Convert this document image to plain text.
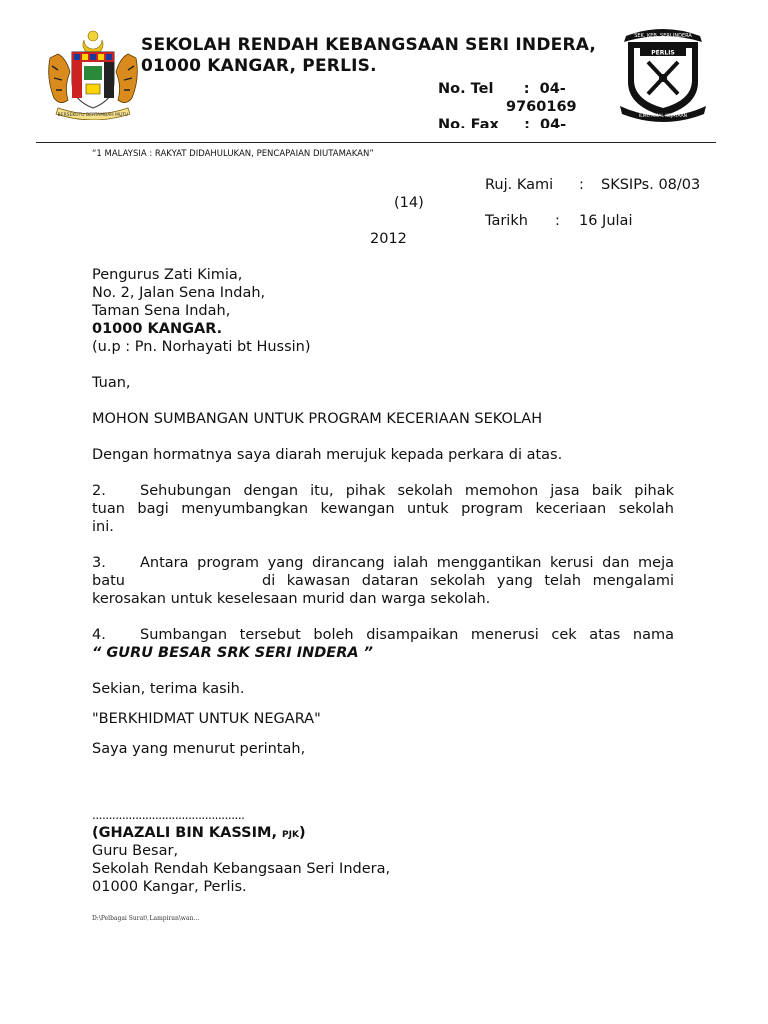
BERSEKUTU BERTAMBAH MUTU
SEK. KEB. SERI INDERA
PERLIS
ILMU AMAL KEJAYAAN
SEKOLAH RENDAH KEBANGSAAN SERI INDERA,
01000 KANGAR, PERLIS.
No. Tel      :  04-
9760169
No. Fax     :  04-
“1 MALAYSIA : RAKYAT DIDAHULUKAN, PENCAPAIAN DIUTAMAKAN”
Ruj. Kami : SKSIPs. 08/03
(14)
Tarikh : 16 Julai
2012
Pengurus Zati Kimia,
No. 2, Jalan Sena Indah,
Taman Sena Indah,
01000 KANGAR.
(u.p : Pn. Norhayati bt Hussin)
Tuan,
MOHON SUMBANGAN UNTUK PROGRAM KECERIAAN SEKOLAH
Dengan hormatnya saya diarah merujuk kepada perkara di atas.
2. Sehubungan dengan itu, pihak sekolah memohon jasa baik pihak
tuan bagi menyumbangkan kewangan untuk program keceriaan sekolah
ini.
3. Antara program yang dirancang ialah menggantikan kerusi dan meja
batu	di kawasan dataran sekolah yang telah mengalami
kerosakan untuk keselesaan murid dan warga sekolah.
4. Sumbangan tersebut boleh disampaikan menerusi cek atas nama
“ GURU BESAR SRK SERI INDERA ”
Sekian, terima kasih.
"BERKHIDMAT UNTUK NEGARA"
Saya yang menurut perintah,
..............................................
(GHAZALI BIN KASSIM, PJK)
Guru Besar,
Sekolah Rendah Kebangsaan Seri Indera,
01000 Kangar, Perlis.
D:\Pelbagai Surat\ Lampiran\wan…
